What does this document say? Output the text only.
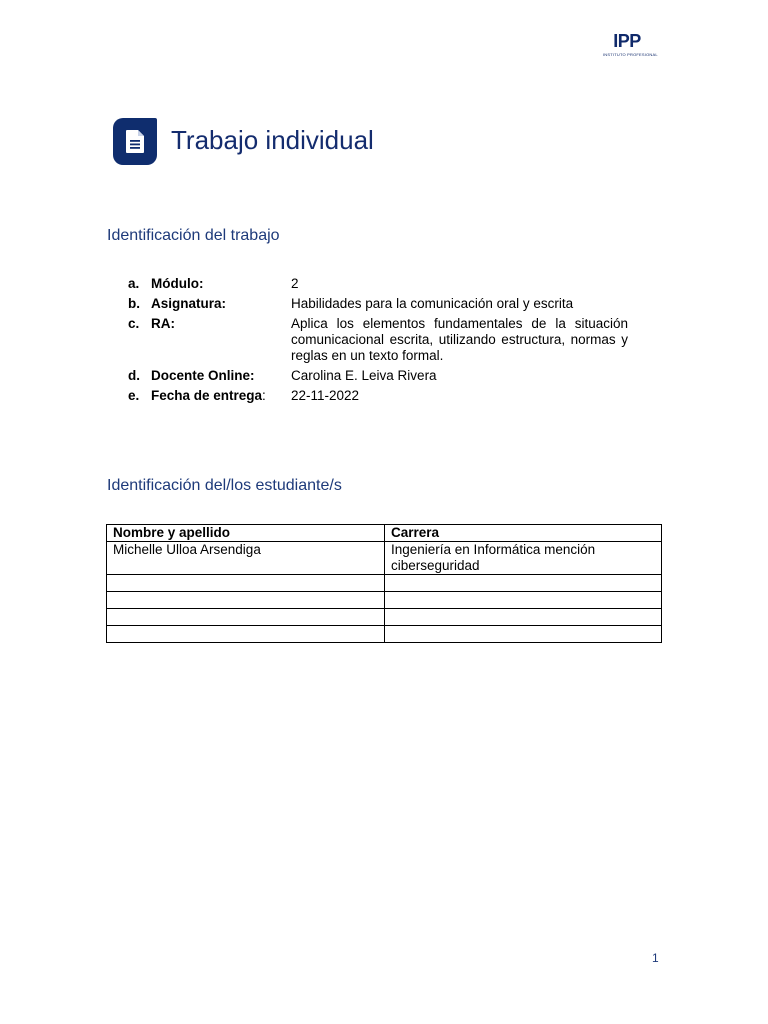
IPP
INSTITUTO PROFESIONAL
Trabajo individual
Identificación del trabajo
a. Módulo:	2
b. Asignatura:	Habilidades para la comunicación oral y escrita
c. RA:	Aplica los elementos fundamentales de la situación comunicacional escrita, utilizando estructura, normas y reglas en un texto formal.
d. Docente Online:	Carolina E. Leiva Rivera
e. Fecha de entrega: 22-11-2022
Identificación del/los estudiante/s
Nombre y apellido	Carrera
Michelle Ulloa Arsendiga	Ingeniería en Informática mención ciberseguridad

1
